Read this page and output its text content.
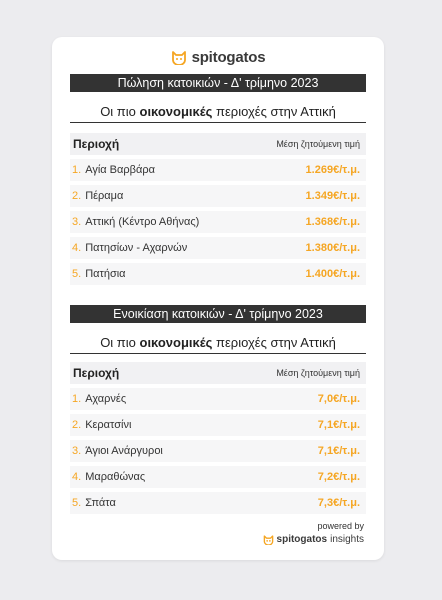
spitogatos
Πώληση κατοικιών - Δ' τρίμηνο 2023
Οι πιο οικονομικές περιοχές στην Αττική
Περιοχή	Μέση ζητούμενη τιμή
1. Αγία Βαρβάρα	1.269€/τ.μ.
2. Πέραμα	1.349€/τ.μ.
3. Αττική (Κέντρο Αθήνας)	1.368€/τ.μ.
4. Πατησίων - Αχαρνών	1.380€/τ.μ.
5. Πατήσια	1.400€/τ.μ.
Ενοικίαση κατοικιών - Δ' τρίμηνο 2023
Οι πιο οικονομικές περιοχές στην Αττική
Περιοχή	Μέση ζητούμενη τιμή
1. Αχαρνές	7,0€/τ.μ.
2. Κερατσίνι	7,1€/τ.μ.
3. Άγιοι Ανάργυροι	7,1€/τ.μ.
4. Μαραθώνας	7,2€/τ.μ.
5. Σπάτα	7,3€/τ.μ.
powered by
spitogatos insights
